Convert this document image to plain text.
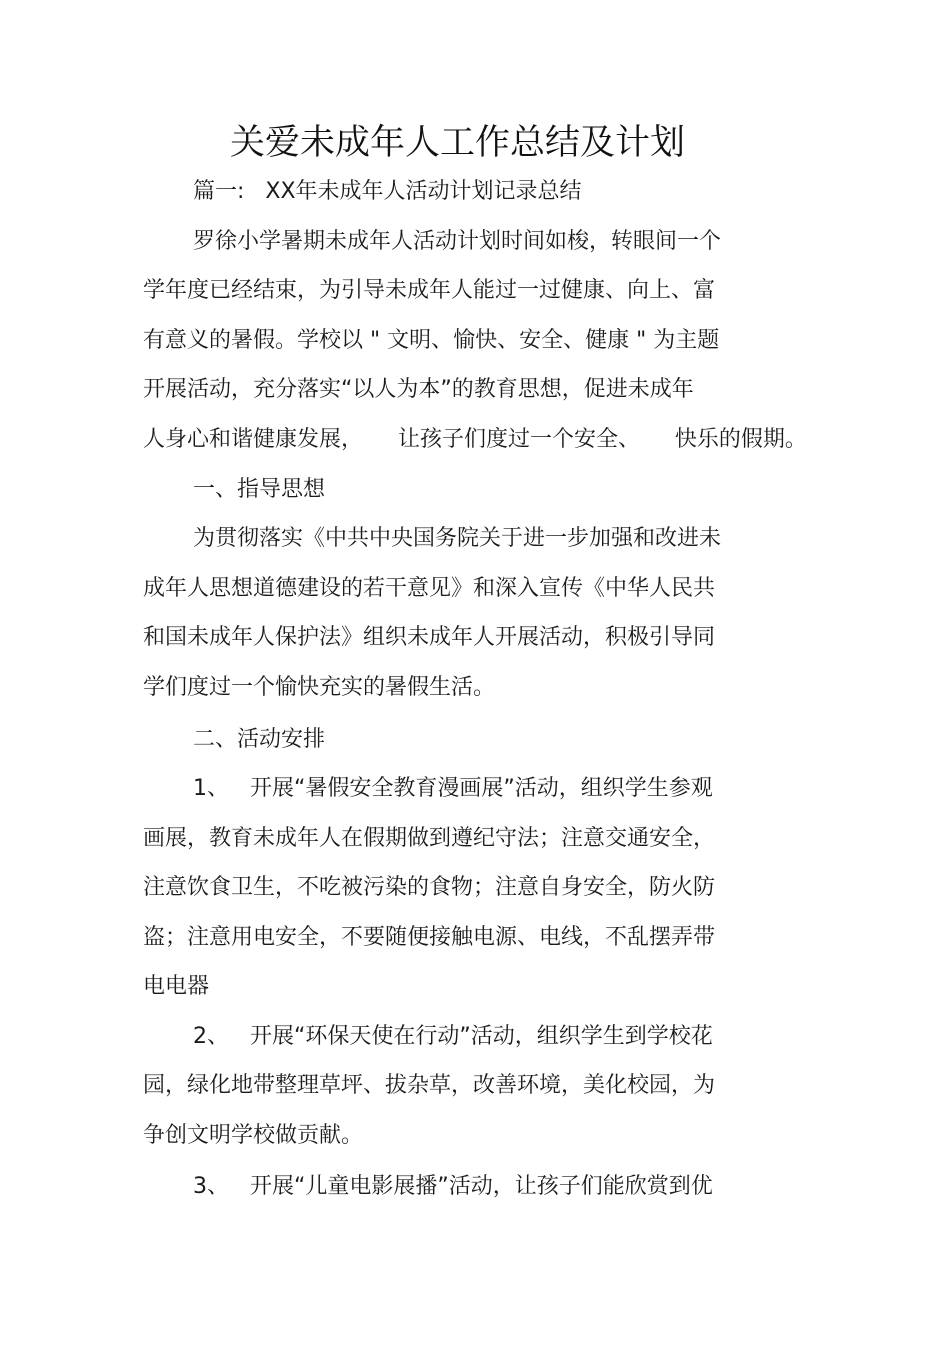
关爱未成年人工作总结及计划
篇一:   XX年未成年人活动计划记录总结
罗徐小学暑期未成年人活动计划时间如梭，转眼间一个
学年度已经结束，为引导未成年人能过一过健康、向上、富
有意义的暑假。学校以 " 文明、愉快、安全、健康 " 为主题
开展活动，充分落实“以人为本”的教育思想，促进未成年
人身心和谐健康发展，     让孩子们度过一个安全、     快乐的假期。
一、指导思想
为贯彻落实《中共中央国务院关于进一步加强和改进未
成年人思想道德建设的若干意见》和深入宣传《中华人民共
和国未成年人保护法》组织未成年人开展活动，积极引导同
学们度过一个愉快充实的暑假生活。
二、活动安排
1、   开展“暑假安全教育漫画展”活动，组织学生参观
画展，教育未成年人在假期做到遵纪守法；注意交通安全，
注意饮食卫生，不吃被污染的食物；注意自身安全，防火防
盗；注意用电安全，不要随便接触电源、电线，不乱摆弄带
电电器
2、   开展“环保天使在行动”活动，组织学生到学校花
园，绿化地带整理草坪、拔杂草，改善环境，美化校园，为
争创文明学校做贡献。
3、   开展“儿童电影展播”活动，让孩子们能欣赏到优
